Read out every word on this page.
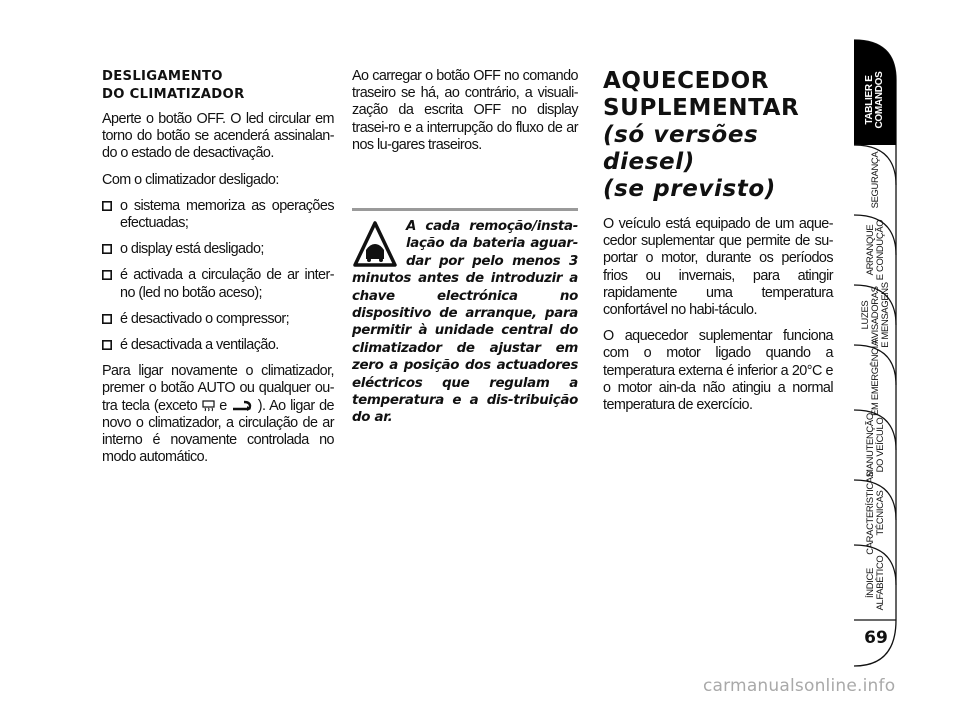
DESLIGAMENTO
DO CLIMATIZADOR

Aperte o botão OFF. O led circular em torno do botão se acenderá assinalan-do o estado de desactivação.

Com o climatizador desligado:

o sistema memoriza as operações efectuadas;
o display está desligado;
é activada a circulação de ar inter-no (led no botão aceso);
é desactivado o compressor;
é desactivada a ventilação.

Para ligar novamente o climatizador, premer o botão AUTO ou qualquer ou-tra tecla (exceto e ). Ao ligar de novo o climatizador, a circulação de ar interno é novamente controlada no modo automático.

Ao carregar o botão OFF no comando traseiro se há, ao contrário, a visuali-zação da escrita OFF no display trasei-ro e a interrupção do fluxo de ar nos lu-gares traseiros.

A cada remoção/insta-lação da bateria aguar-dar por pelo menos 3 minutos antes de introduzir a chave electrónica no dispositivo de arranque, para permitir à unidade central do climatizador de ajustar em zero a posição dos actuadores eléctricos que regulam a temperatura e a dis-tribuição do ar.

AQUECEDOR
SUPLEMENTAR
(só versões diesel)
(se previsto)

O veículo está equipado de um aque-cedor suplementar que permite de su-portar o motor, durante os períodos frios ou invernais, para atingir rapidamente uma temperatura confortável no habi-táculo.

O aquecedor suplementar funciona com o motor ligado quando a temperatura externa é inferior a 20°C e o motor ain-da não atingiu a normal temperatura de exercício.

TABLIER E COMANDOS
SEGURANÇA
ARRANQUE E CONDUÇÃO
LUZES AVISADORAS E MENSAGENS
EM EMERGÊNCIA
MANUTENÇÃO DO VEÍCULO
CARACTERÍSTICAS TÉCNICAS
ÍNDICE ALFABÉTICO
69
carmanualsonline.info
